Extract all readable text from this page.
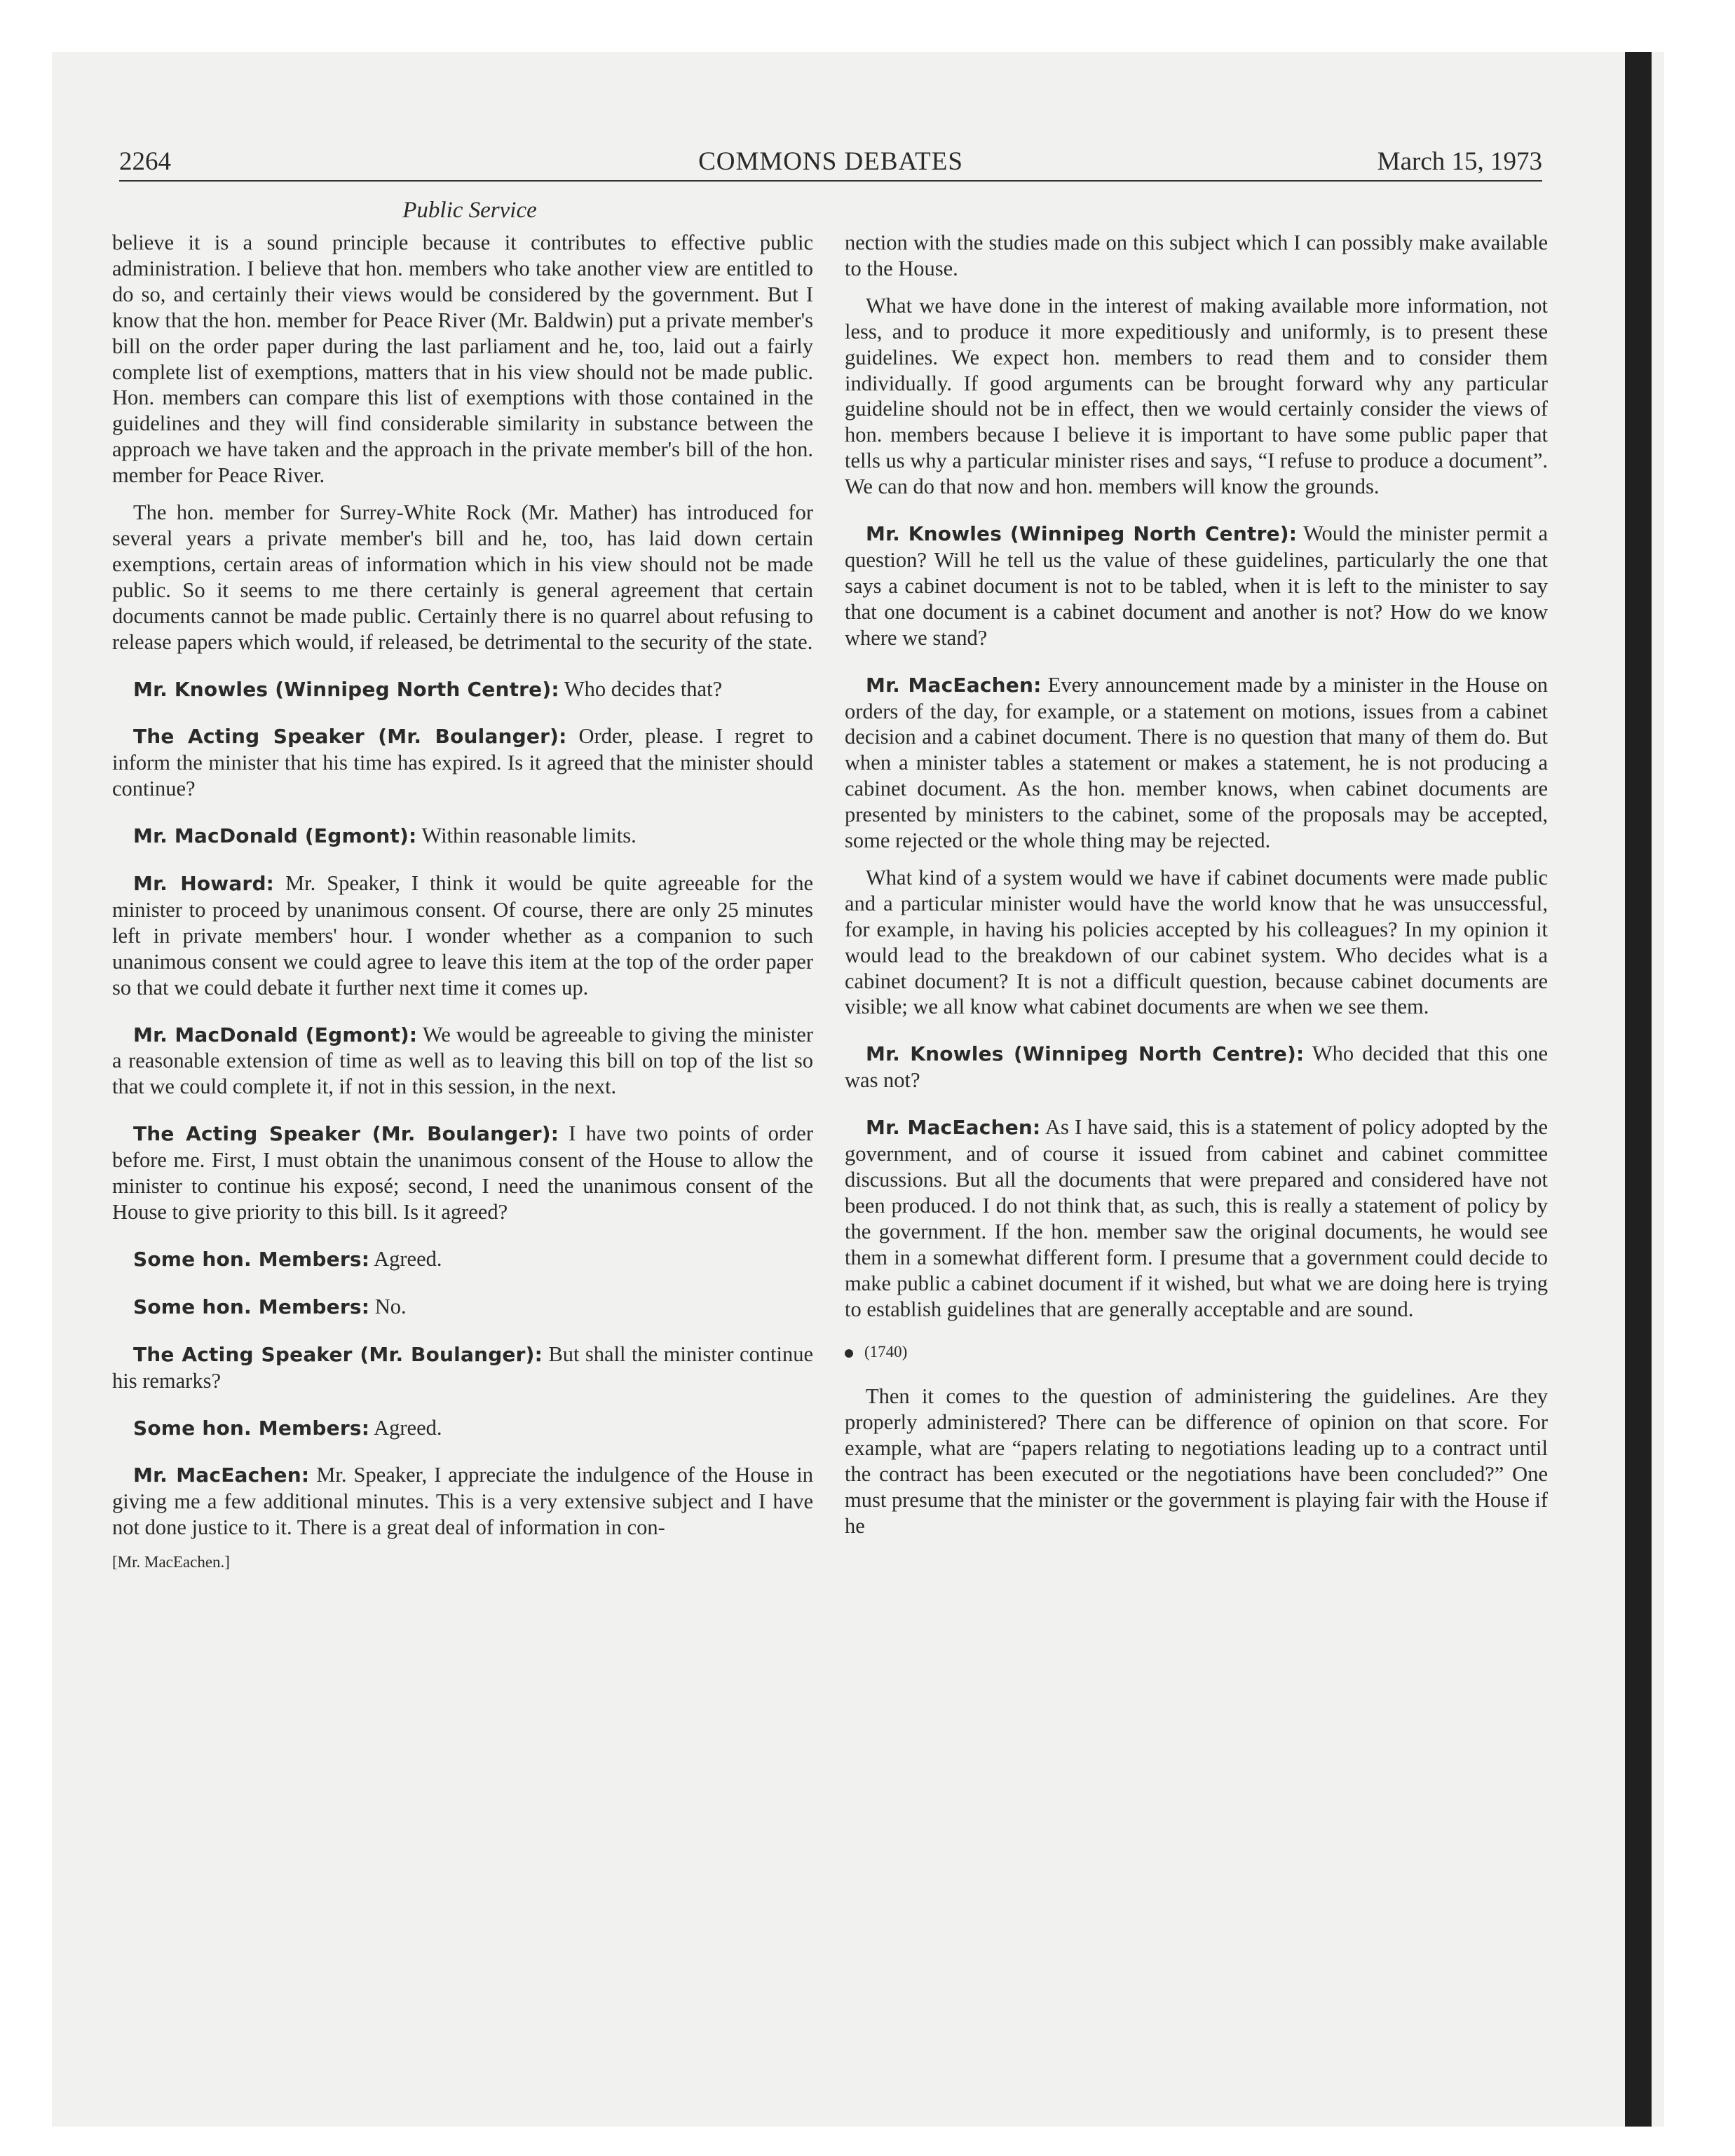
2264	COMMONS DEBATES	March 15, 1973
Public Service

believe it is a sound principle because it contributes to effective public administration. I believe that hon. members who take another view are entitled to do so, and certainly their views would be considered by the government. But I know that the hon. member for Peace River (Mr. Baldwin) put a private member's bill on the order paper during the last parliament and he, too, laid out a fairly complete list of exemptions, matters that in his view should not be made public. Hon. members can compare this list of exemptions with those contained in the guidelines and they will find considerable similarity in substance between the approach we have taken and the approach in the private member's bill of the hon. member for Peace River.

The hon. member for Surrey-White Rock (Mr. Mather) has introduced for several years a private member's bill and he, too, has laid down certain exemptions, certain areas of information which in his view should not be made public. So it seems to me there certainly is general agreement that certain documents cannot be made public. Certainly there is no quarrel about refusing to release papers which would, if released, be detrimental to the security of the state.

Mr. Knowles (Winnipeg North Centre): Who decides that?

The Acting Speaker (Mr. Boulanger): Order, please. I regret to inform the minister that his time has expired. Is it agreed that the minister should continue?

Mr. MacDonald (Egmont): Within reasonable limits.

Mr. Howard: Mr. Speaker, I think it would be quite agreeable for the minister to proceed by unanimous consent. Of course, there are only 25 minutes left in private members' hour. I wonder whether as a companion to such unanimous consent we could agree to leave this item at the top of the order paper so that we could debate it further next time it comes up.

Mr. MacDonald (Egmont): We would be agreeable to giving the minister a reasonable extension of time as well as to leaving this bill on top of the list so that we could complete it, if not in this session, in the next.

The Acting Speaker (Mr. Boulanger): I have two points of order before me. First, I must obtain the unanimous consent of the House to allow the minister to continue his exposé; second, I need the unanimous consent of the House to give priority to this bill. Is it agreed?

Some hon. Members: Agreed.

Some hon. Members: No.

The Acting Speaker (Mr. Boulanger): But shall the minister continue his remarks?

Some hon. Members: Agreed.

Mr. MacEachen: Mr. Speaker, I appreciate the indulgence of the House in giving me a few additional minutes. This is a very extensive subject and I have not done justice to it. There is a great deal of information in con-

[Mr. MacEachen.]

nection with the studies made on this subject which I can possibly make available to the House.

What we have done in the interest of making available more information, not less, and to produce it more expeditiously and uniformly, is to present these guidelines. We expect hon. members to read them and to consider them individually. If good arguments can be brought forward why any particular guideline should not be in effect, then we would certainly consider the views of hon. members because I believe it is important to have some public paper that tells us why a particular minister rises and says, “I refuse to produce a document”. We can do that now and hon. members will know the grounds.

Mr. Knowles (Winnipeg North Centre): Would the minister permit a question? Will he tell us the value of these guidelines, particularly the one that says a cabinet document is not to be tabled, when it is left to the minister to say that one document is a cabinet document and another is not? How do we know where we stand?

Mr. MacEachen: Every announcement made by a minister in the House on orders of the day, for example, or a statement on motions, issues from a cabinet decision and a cabinet document. There is no question that many of them do. But when a minister tables a statement or makes a statement, he is not producing a cabinet document. As the hon. member knows, when cabinet documents are presented by ministers to the cabinet, some of the proposals may be accepted, some rejected or the whole thing may be rejected.

What kind of a system would we have if cabinet documents were made public and a particular minister would have the world know that he was unsuccessful, for example, in having his policies accepted by his colleagues? In my opinion it would lead to the breakdown of our cabinet system. Who decides what is a cabinet document? It is not a difficult question, because cabinet documents are visible; we all know what cabinet documents are when we see them.

Mr. Knowles (Winnipeg North Centre): Who decided that this one was not?

Mr. MacEachen: As I have said, this is a statement of policy adopted by the government, and of course it issued from cabinet and cabinet committee discussions. But all the documents that were prepared and considered have not been produced. I do not think that, as such, this is really a statement of policy by the government. If the hon. member saw the original documents, he would see them in a somewhat different form. I presume that a government could decide to make public a cabinet document if it wished, but what we are doing here is trying to establish guidelines that are generally acceptable and are sound.

(1740)

Then it comes to the question of administering the guidelines. Are they properly administered? There can be difference of opinion on that score. For example, what are “papers relating to negotiations leading up to a contract until the contract has been executed or the negotiations have been concluded?” One must presume that the minister or the government is playing fair with the House if he
